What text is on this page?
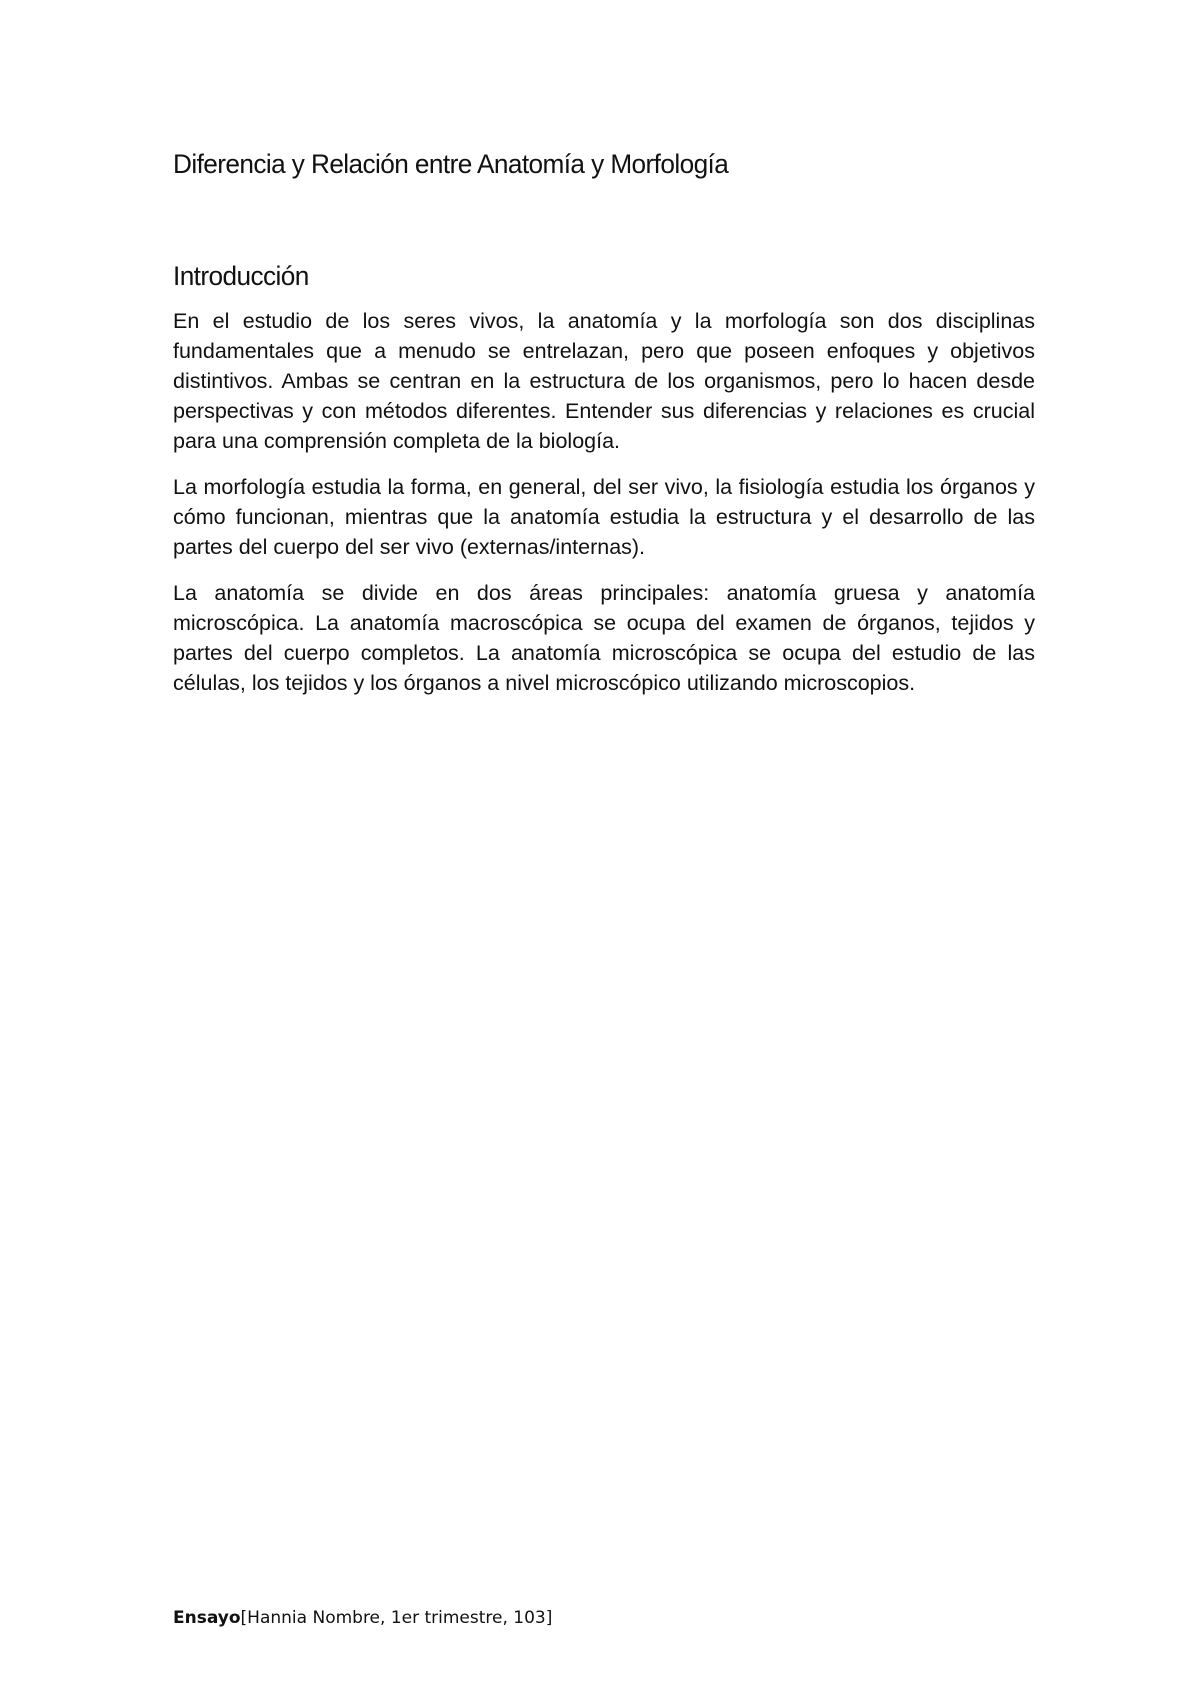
Diferencia y Relación entre Anatomía y Morfología
Introducción

En el estudio de los seres vivos, la anatomía y la morfología son dos disciplinas fundamentales que a menudo se entrelazan, pero que poseen enfoques y objetivos distintivos. Ambas se centran en la estructura de los organismos, pero lo hacen desde perspectivas y con métodos diferentes. Entender sus diferencias y relaciones es crucial para una comprensión completa de la biología.

La morfología estudia la forma, en general, del ser vivo, la fisiología estudia los órganos y cómo funcionan, mientras que la anatomía estudia la estructura y el desarrollo de las partes del cuerpo del ser vivo (externas/internas).

La anatomía se divide en dos áreas principales: anatomía gruesa y anatomía microscópica. La anatomía macroscópica se ocupa del examen de órganos, tejidos y partes del cuerpo completos. La anatomía microscópica se ocupa del estudio de las células, los tejidos y los órganos a nivel microscópico utilizando microscopios.

Ensayo[Hannia Nombre, 1er trimestre, 103]
